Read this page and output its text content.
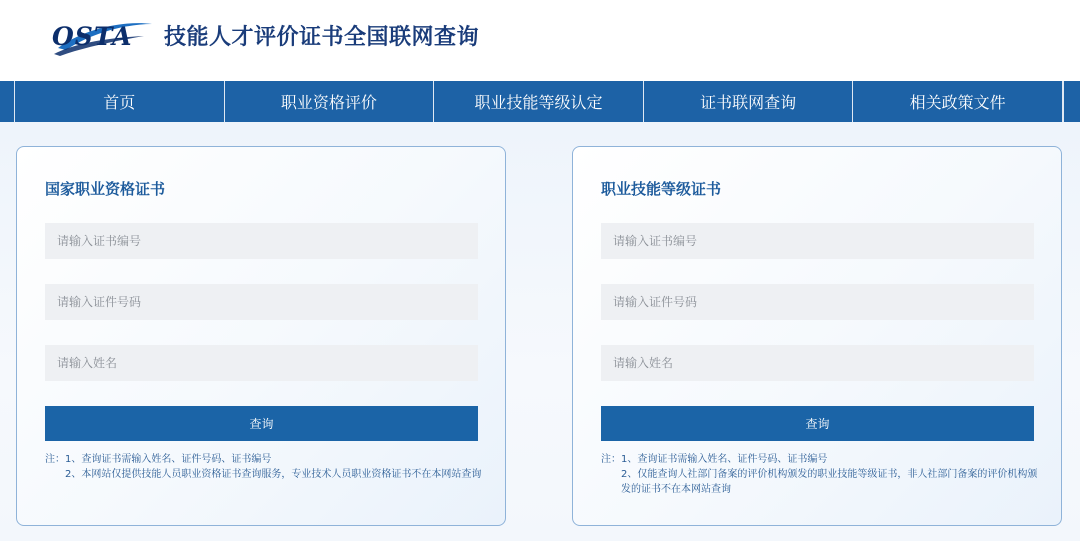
OSTA 技能人才评价证书全国联网查询
首页	职业资格评价	职业技能等级认定	证书联网查询	相关政策文件
国家职业资格证书
请输入证书编号
请输入证件号码
请输入姓名
查询
注： 1、查询证书需输入姓名、证件号码、证书编号
2、本网站仅提供技能人员职业资格证书查询服务，专业技术人员职业资格证书不在本网站查询
职业技能等级证书
请输入证书编号
请输入证件号码
请输入姓名
查询
注： 1、查询证书需输入姓名、证件号码、证书编号
2、仅能查询人社部门备案的评价机构颁发的职业技能等级证书，非人社部门备案的评价机构颁发的证书不在本网站查询
